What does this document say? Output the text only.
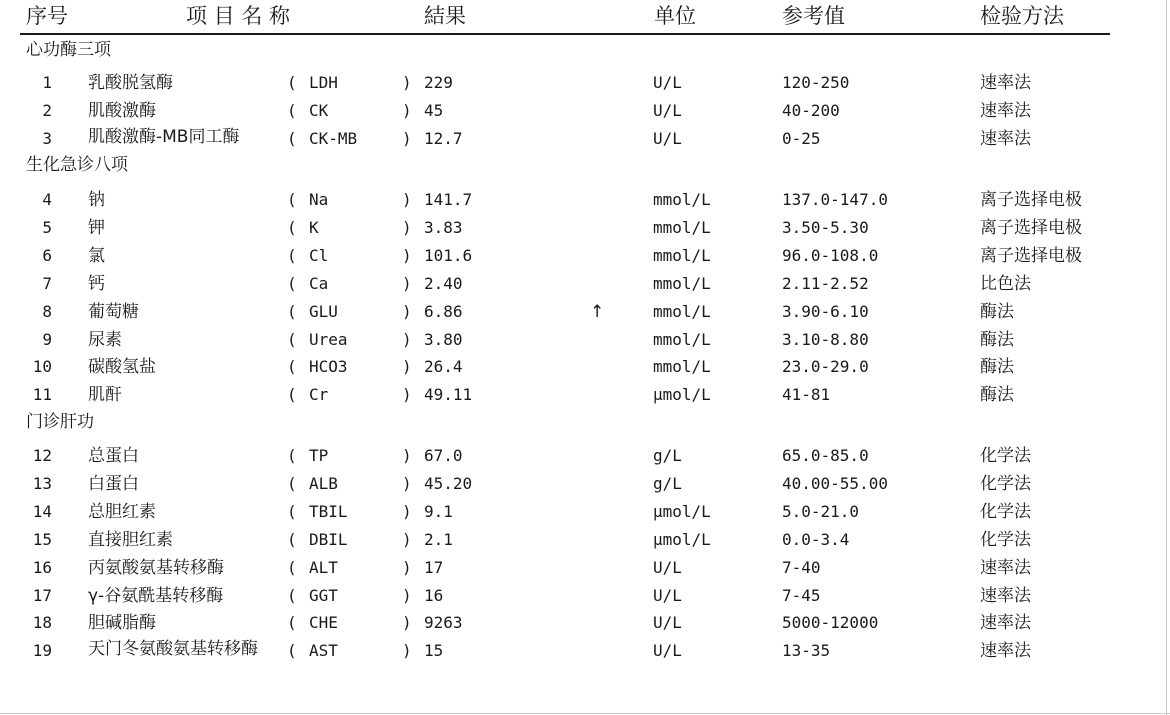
序号	项 目 名 称	結果	单位	参考值	检验方法
心功酶三项
1 乳酸脱氢酶	( LDH	) 229	U/L	120-250	速率法
2 肌酸激酶	( CK	) 45	U/L	40-200	速率法
3 肌酸激酶-MB同工酶	( CK-MB	) 12.7	U/L	0-25	速率法
生化急诊八项
4 钠	( Na	) 141.7	mmol/L	137.0-147.0	离子选择电极
5 钾	( K	) 3.83	mmol/L	3.50-5.30	离子选择电极
6 氯	( Cl	) 101.6	mmol/L	96.0-108.0	离子选择电极
7 钙	( Ca	) 2.40	mmol/L	2.11-2.52	比色法
8 葡萄糖	( GLU	) 6.86	↑	mmol/L	3.90-6.10	酶法
9 尿素	( Urea	) 3.80	mmol/L	3.10-8.80	酶法
10 碳酸氢盐	( HCO3	) 26.4	mmol/L	23.0-29.0	酶法
11 肌酐	( Cr	) 49.11	μmol/L	41-81	酶法
门诊肝功
12 总蛋白	( TP	) 67.0	g/L	65.0-85.0	化学法
13 白蛋白	( ALB	) 45.20	g/L	40.00-55.00	化学法
14 总胆红素	( TBIL	) 9.1	μmol/L	5.0-21.0	化学法
15 直接胆红素	( DBIL	) 2.1	μmol/L	0.0-3.4	化学法
16 丙氨酸氨基转移酶	( ALT	) 17	U/L	7-40	速率法
17 γ-谷氨酰基转移酶	( GGT	) 16	U/L	7-45	速率法
18 胆碱脂酶	( CHE	) 9263	U/L	5000-12000	速率法
19 天门冬氨酸氨基转移酶	( AST	) 15	U/L	13-35	速率法
